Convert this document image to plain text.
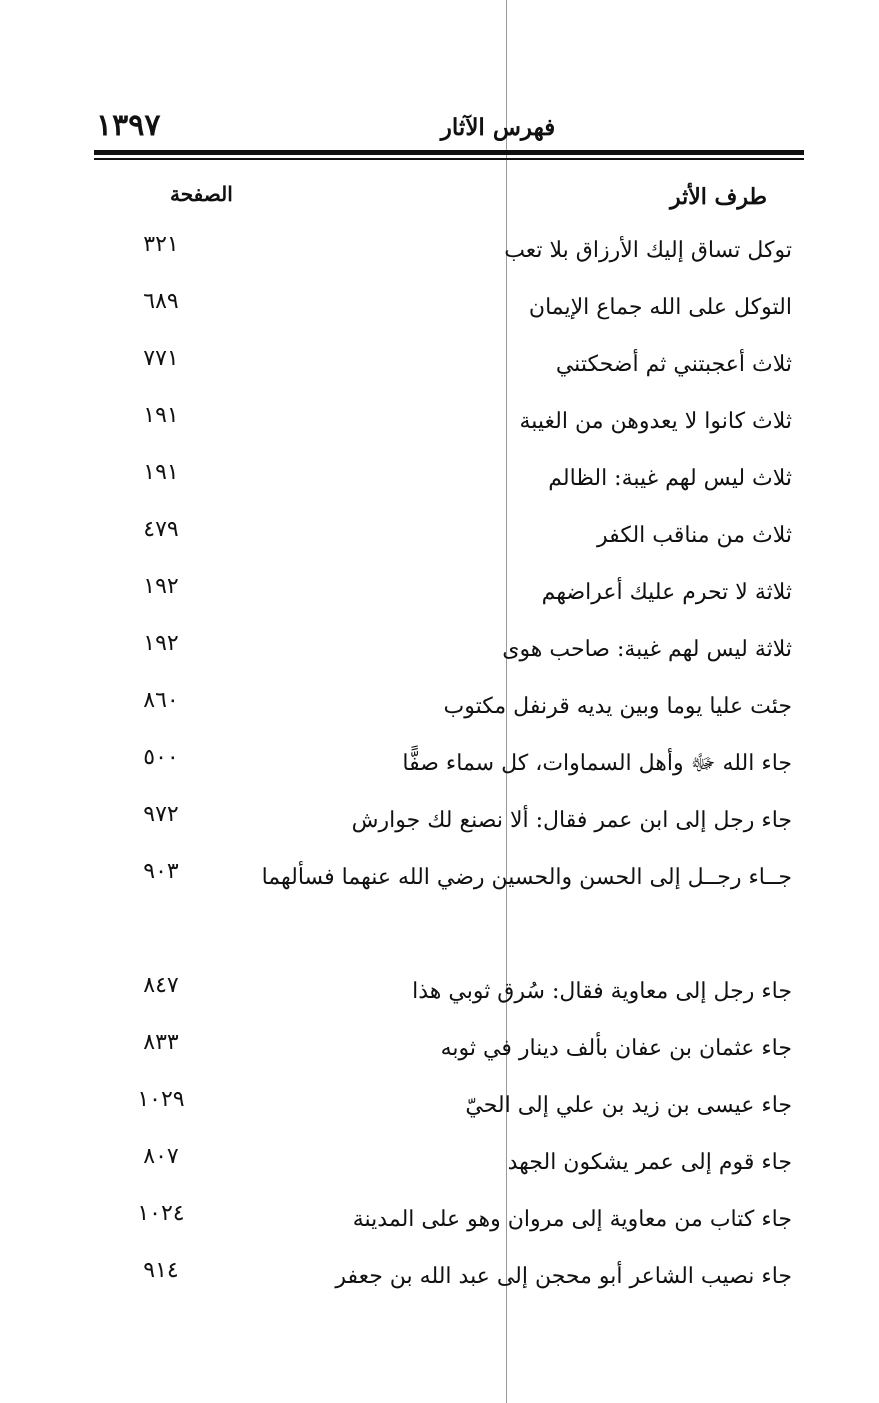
١٣٩٧	فهرس الآثار
طرف الأثر
الصفحة
٣٢١	توكل تساق إليك الأرزاق بلا تعب
٦٨٩	التوكل على الله جماع الإيمان
٧٧١	ثلاث أعجبتني ثم أضحكتني
١٩١	ثلاث كانوا لا يعدوهن من الغيبة
١٩١	ثلاث ليس لهم غيبة: الظالم
٤٧٩	ثلاث من مناقب الكفر
١٩٢	ثلاثة لا تحرم عليك أعراضهم
١٩٢	ثلاثة ليس لهم غيبة: صاحب هوى
٨٦٠	جئت عليا يوما وبين يديه قرنفل مكتوب
٥٠٠	جاء الله ﷻ وأهل السماوات، كل سماء صفًّا
٩٧٢	جاء رجل إلى ابن عمر فقال: ألا نصنع لك جوارش
٩٠٣	جــاء رجــل إلى الحسن والحسين رضي الله عنهما فسألهما
٨٤٧	جاء رجل إلى معاوية فقال: سُرق ثوبي هذا
٨٣٣	جاء عثمان بن عفان بألف دينار في ثوبه
١٠٢٩	جاء عيسى بن زيد بن علي إلى الحيّ
٨٠٧	جاء قوم إلى عمر يشكون الجهد
١٠٢٤	جاء كتاب من معاوية إلى مروان وهو على المدينة
٩١٤	جاء نصيب الشاعر أبو محجن إلى عبد الله بن جعفر
